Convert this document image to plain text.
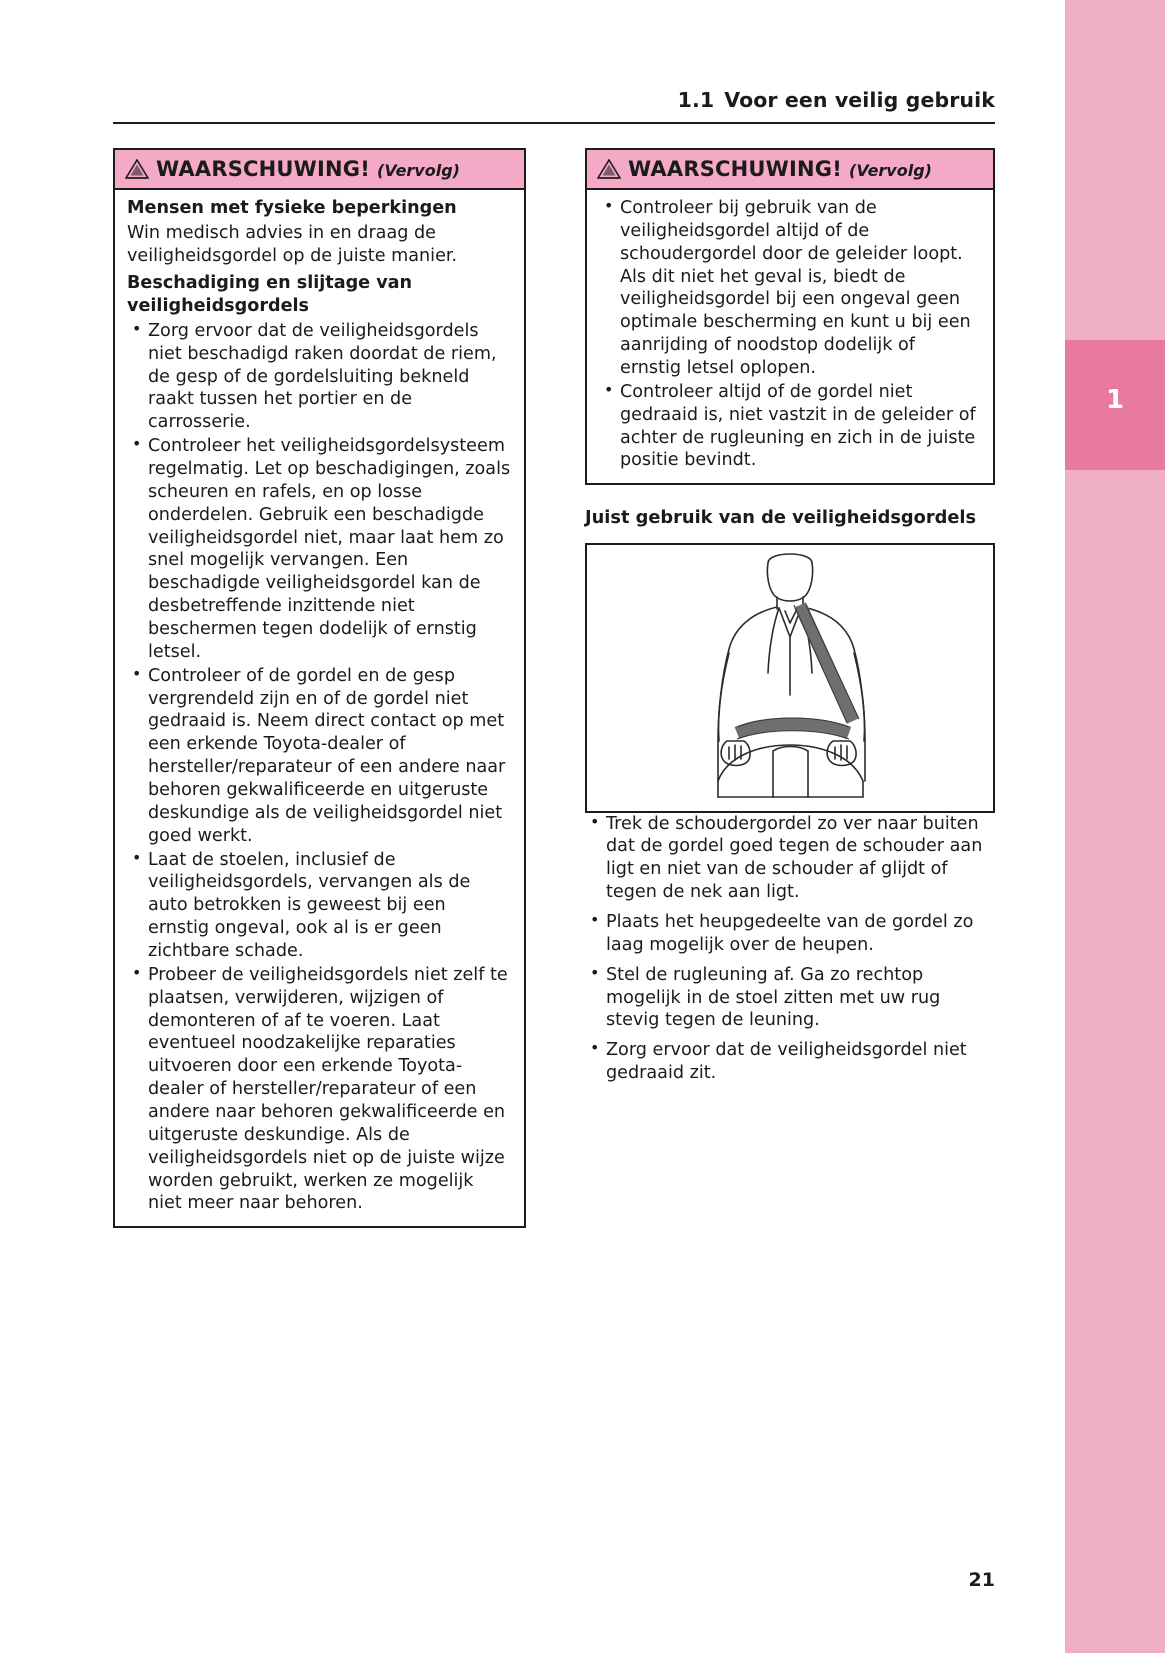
1
1.1 Voor een veilig gebruik
WAARSCHUWING! (Vervolg)

Mensen met fysieke beperkingen

Win medisch advies in en draag de veiligheidsgordel op de juiste manier.

Beschadiging en slijtage van veiligheidsgordels

• Zorg ervoor dat de veiligheidsgordels niet beschadigd raken doordat de riem, de gesp of de gordelsluiting bekneld raakt tussen het portier en de carrosserie.
• Controleer het veiligheidsgordelsysteem regelmatig. Let op beschadigingen, zoals scheuren en rafels, en op losse onderdelen. Gebruik een beschadigde veiligheidsgordel niet, maar laat hem zo snel mogelijk vervangen. Een beschadigde veiligheidsgordel kan de desbetreffende inzittende niet beschermen tegen dodelijk of ernstig letsel.
• Controleer of de gordel en de gesp vergrendeld zijn en of de gordel niet gedraaid is. Neem direct contact op met een erkende Toyota-dealer of hersteller/reparateur of een andere naar behoren gekwalificeerde en uitgeruste deskundige als de veiligheidsgordel niet goed werkt.
• Laat de stoelen, inclusief de veiligheidsgordels, vervangen als de auto betrokken is geweest bij een ernstig ongeval, ook al is er geen zichtbare schade.
• Probeer de veiligheidsgordels niet zelf te plaatsen, verwijderen, wijzigen of demonteren of af te voeren. Laat eventueel noodzakelijke reparaties uitvoeren door een erkende Toyota-dealer of hersteller/reparateur of een andere naar behoren gekwalificeerde en uitgeruste deskundige. Als de veiligheidsgordels niet op de juiste wijze worden gebruikt, werken ze mogelijk niet meer naar behoren.
WAARSCHUWING! (Vervolg)
• Controleer bij gebruik van de veiligheidsgordel altijd of de schoudergordel door de geleider loopt. Als dit niet het geval is, biedt de veiligheidsgordel bij een ongeval geen optimale bescherming en kunt u bij een aanrijding of noodstop dodelijk of ernstig letsel oplopen.
• Controleer altijd of de gordel niet gedraaid is, niet vastzit in de geleider of achter de rugleuning en zich in de juiste positie bevindt.
Juist gebruik van de veiligheidsgordels
• Trek de schoudergordel zo ver naar buiten dat de gordel goed tegen de schouder aan ligt en niet van de schouder af glijdt of tegen de nek aan ligt.
• Plaats het heupgedeelte van de gordel zo laag mogelijk over de heupen.
• Stel de rugleuning af. Ga zo rechtop mogelijk in de stoel zitten met uw rug stevig tegen de leuning.
• Zorg ervoor dat de veiligheidsgordel niet gedraaid zit.
21
